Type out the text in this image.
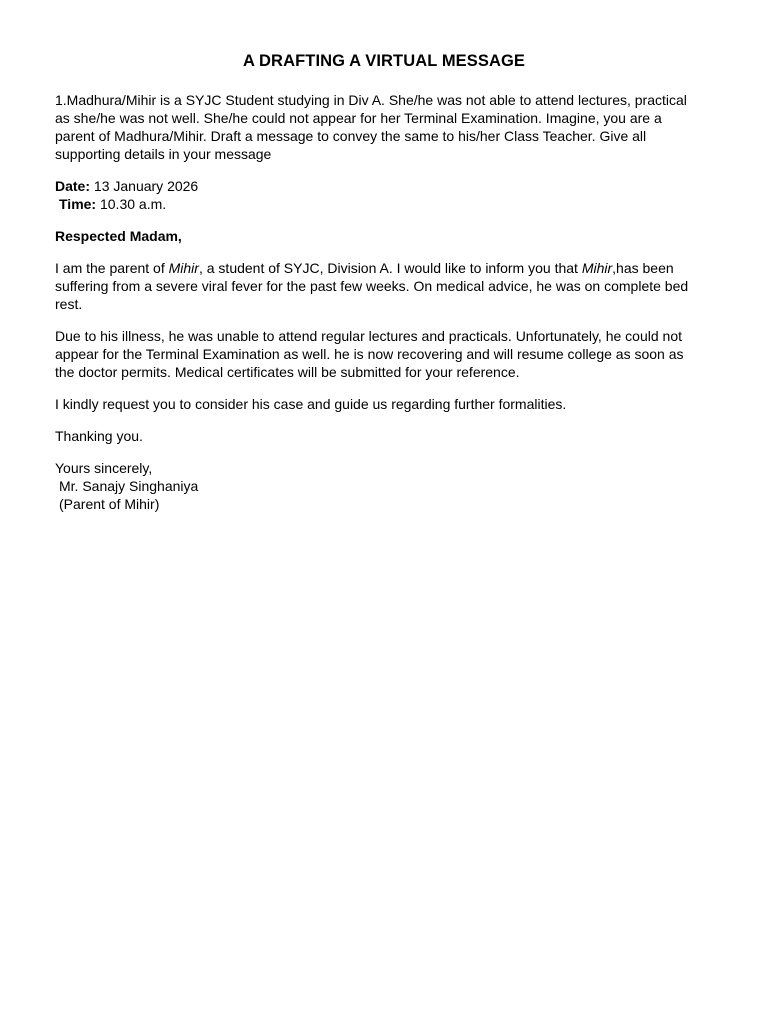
A DRAFTING A VIRTUAL MESSAGE

1.Madhura/Mihir is a SYJC Student studying in Div A. She/he was not able to attend lectures, practical as she/he was not well. She/he could not appear for her Terminal Examination. Imagine, you are a parent of Madhura/Mihir. Draft a message to convey the same to his/her Class Teacher. Give all supporting details in your message

Date: 13 January 2026
Time: 10.30 a.m.

Respected Madam,

I am the parent of Mihir, a student of SYJC, Division A. I would like to inform you that Mihir,has been suffering from a severe viral fever for the past few weeks. On medical advice, he was on complete bed rest.

Due to his illness, he was unable to attend regular lectures and practicals. Unfortunately, he could not appear for the Terminal Examination as well. he is now recovering and will resume college as soon as the doctor permits. Medical certificates will be submitted for your reference.

I kindly request you to consider his case and guide us regarding further formalities.

Thanking you.

Yours sincerely,
Mr. Sanajy Singhaniya
(Parent of Mihir)
